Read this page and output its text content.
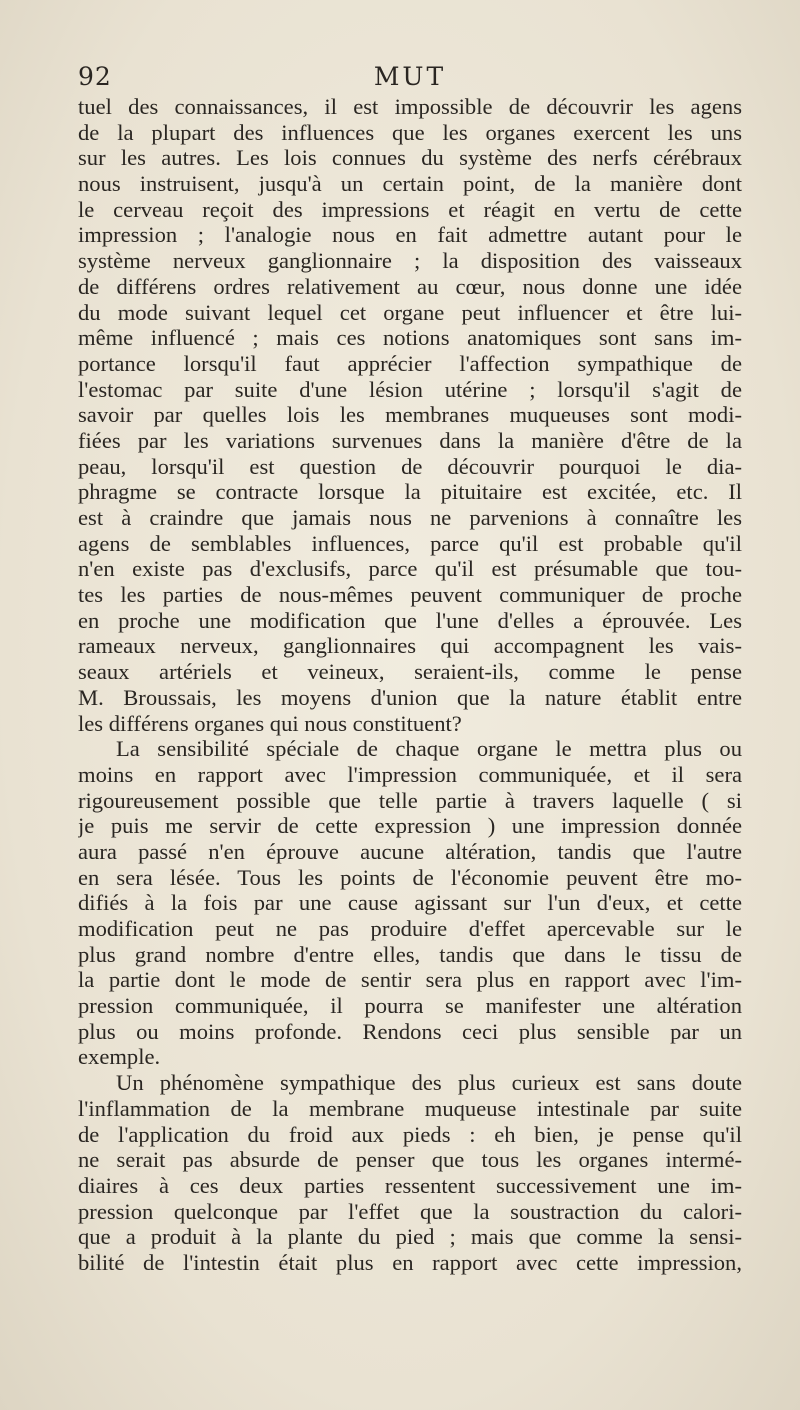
92	MUT
tuel des connaissances, il est impossible de découvrir les agens
de la plupart des influences que les organes exercent les uns
sur les autres. Les lois connues du système des nerfs cérébraux
nous instruisent, jusqu'à un certain point, de la manière dont
le cerveau reçoit des impressions et réagit en vertu de cette
impression ; l'analogie nous en fait admettre autant pour le
système nerveux ganglionnaire ; la disposition des vaisseaux
de différens ordres relativement au cœur, nous donne une idée
du mode suivant lequel cet organe peut influencer et être lui-
même influencé ; mais ces notions anatomiques sont sans im-
portance lorsqu'il faut apprécier l'affection sympathique de
l'estomac par suite d'une lésion utérine ; lorsqu'il s'agit de
savoir par quelles lois les membranes muqueuses sont modi-
fiées par les variations survenues dans la manière d'être de la
peau, lorsqu'il est question de découvrir pourquoi le dia-
phragme se contracte lorsque la pituitaire est excitée, etc. Il
est à craindre que jamais nous ne parvenions à connaître les
agens de semblables influences, parce qu'il est probable qu'il
n'en existe pas d'exclusifs, parce qu'il est présumable que tou-
tes les parties de nous-mêmes peuvent communiquer de proche
en proche une modification que l'une d'elles a éprouvée. Les
rameaux nerveux, ganglionnaires qui accompagnent les vais-
seaux artériels et veineux, seraient-ils, comme le pense
M. Broussais, les moyens d'union que la nature établit entre
les différens organes qui nous constituent?
La sensibilité spéciale de chaque organe le mettra plus ou
moins en rapport avec l'impression communiquée, et il sera
rigoureusement possible que telle partie à travers laquelle ( si
je puis me servir de cette expression ) une impression donnée
aura passé n'en éprouve aucune altération, tandis que l'autre
en sera lésée. Tous les points de l'économie peuvent être mo-
difiés à la fois par une cause agissant sur l'un d'eux, et cette
modification peut ne pas produire d'effet apercevable sur le
plus grand nombre d'entre elles, tandis que dans le tissu de
la partie dont le mode de sentir sera plus en rapport avec l'im-
pression communiquée, il pourra se manifester une altération
plus ou moins profonde. Rendons ceci plus sensible par un
exemple.
Un phénomène sympathique des plus curieux est sans doute
l'inflammation de la membrane muqueuse intestinale par suite
de l'application du froid aux pieds : eh bien, je pense qu'il
ne serait pas absurde de penser que tous les organes intermé-
diaires à ces deux parties ressentent successivement une im-
pression quelconque par l'effet que la soustraction du calori-
que a produit à la plante du pied ; mais que comme la sensi-
bilité de l'intestin était plus en rapport avec cette impression,
